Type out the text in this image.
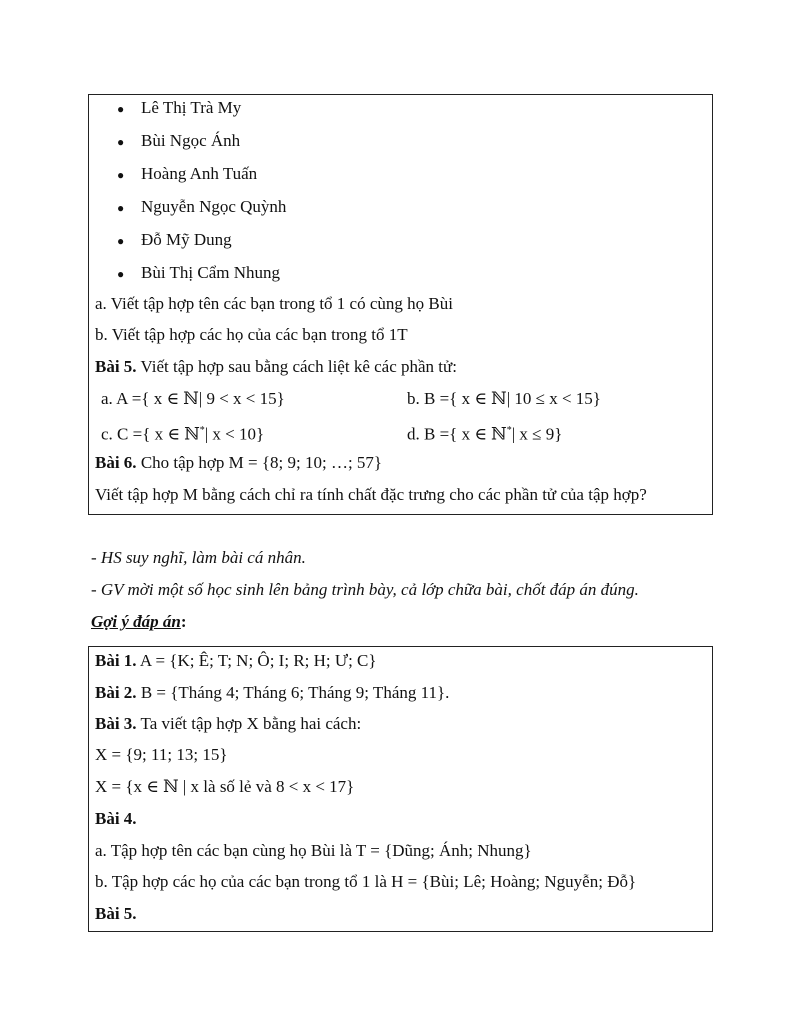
● Lê Thị Trà My
● Bùi Ngọc Ánh
● Hoàng Anh Tuấn
● Nguyễn Ngọc Quỳnh
● Đỗ Mỹ Dung
● Bùi Thị Cẩm Nhung
a. Viết tập hợp tên các bạn trong tổ 1 có cùng họ Bùi
b. Viết tập hợp các họ của các bạn trong tổ 1T
Bài 5. Viết tập hợp sau bằng cách liệt kê các phần tử:
a. A ={ x ∈ ℕ| 9 < x < 15}	b. B ={ x ∈ ℕ| 10 ≤ x < 15}
c. C ={ x ∈ ℕ*| x < 10}	d. B ={ x ∈ ℕ*| x ≤ 9}
Bài 6. Cho tập hợp M = {8; 9; 10; …; 57}
Viết tập hợp M bằng cách chỉ ra tính chất đặc trưng cho các phần tử của tập hợp?
- HS suy nghĩ, làm bài cá nhân.
- GV mời một số học sinh lên bảng trình bày, cả lớp chữa bài, chốt đáp án đúng.
Gợi ý đáp án:
Bài 1. A = {K; Ê; T; N; Ô; I; R; H; Ư; C}
Bài 2. B = {Tháng 4; Tháng 6; Tháng 9; Tháng 11}.
Bài 3. Ta viết tập hợp X bằng hai cách:
X = {9; 11; 13; 15}
X = {x ∈ ℕ | x là số lẻ và 8 < x < 17}
Bài 4.
a. Tập hợp tên các bạn cùng họ Bùi là T = {Dũng; Ánh; Nhung}
b. Tập hợp các họ của các bạn trong tổ 1 là H = {Bùi; Lê; Hoàng; Nguyễn; Đỗ}
Bài 5.
